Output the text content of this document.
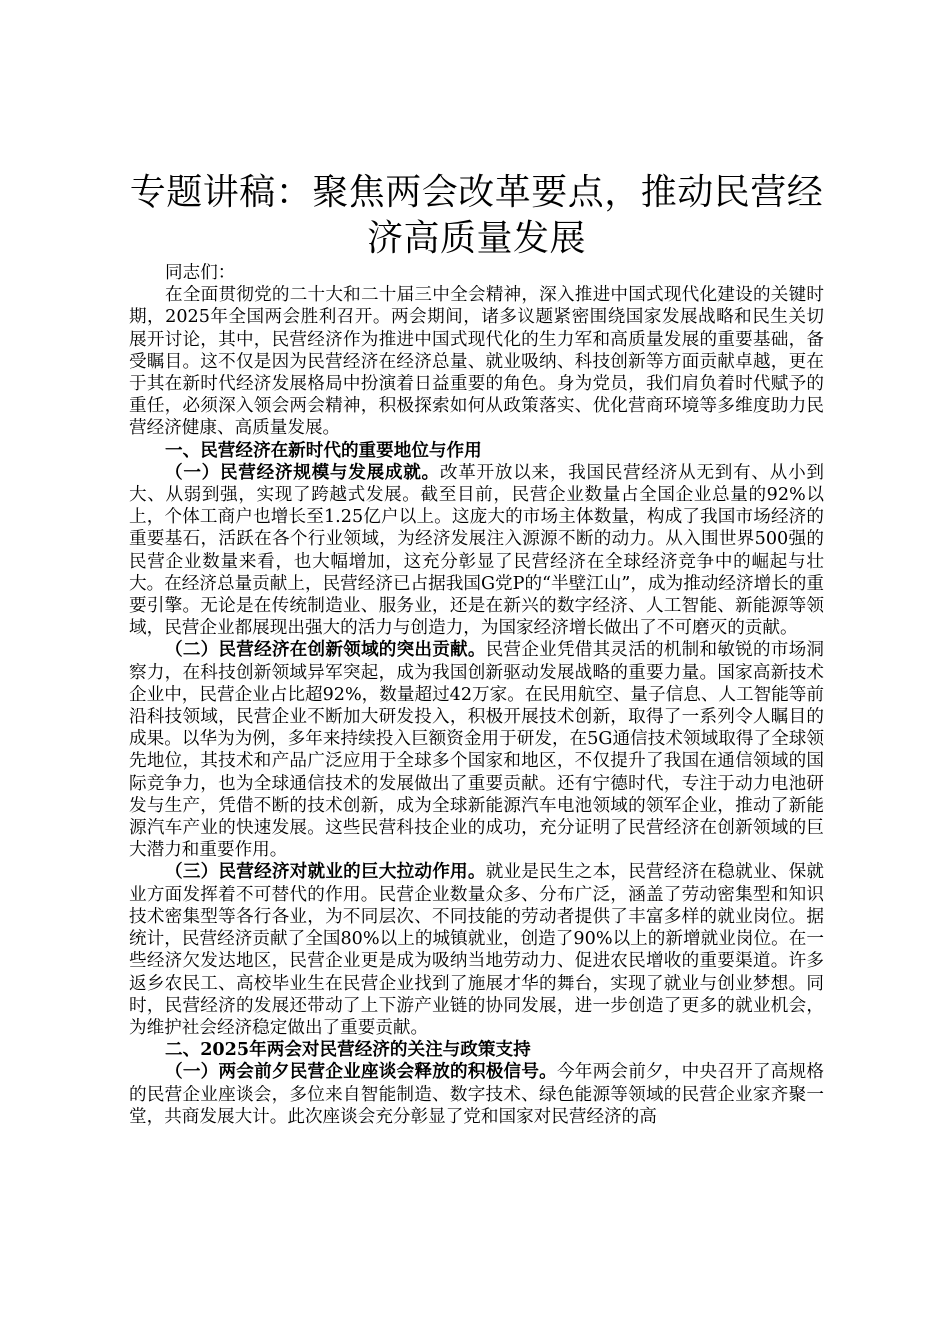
专题讲稿：聚焦两会改革要点，推动民营经济高质量发展

同志们：

在全面贯彻党的二十大和二十届三中全会精神，深入推进中国式现代化建设的关键时期，2025年全国两会胜利召开。两会期间，诸多议题紧密围绕国家发展战略和民生关切展开讨论，其中，民营经济作为推进中国式现代化的生力军和高质量发展的重要基础，备受瞩目。这不仅是因为民营经济在经济总量、就业吸纳、科技创新等方面贡献卓越，更在于其在新时代经济发展格局中扮演着日益重要的角色。身为党员，我们肩负着时代赋予的重任，必须深入领会两会精神，积极探索如何从政策落实、优化营商环境等多维度助力民营经济健康、高质量发展。

一、民营经济在新时代的重要地位与作用

（一）民营经济规模与发展成就。改革开放以来，我国民营经济从无到有、从小到大、从弱到强，实现了跨越式发展。截至目前，民营企业数量占全国企业总量的92%以上，个体工商户也增长至1.25亿户以上。这庞大的市场主体数量，构成了我国市场经济的重要基石，活跃在各个行业领域，为经济发展注入源源不断的动力。从入围世界500强的民营企业数量来看，也大幅增加，这充分彰显了民营经济在全球经济竞争中的崛起与壮大。在经济总量贡献上，民营经济已占据我国G党P的“半壁江山”，成为推动经济增长的重要引擎。无论是在传统制造业、服务业，还是在新兴的数字经济、人工智能、新能源等领域，民营企业都展现出强大的活力与创造力，为国家经济增长做出了不可磨灭的贡献。

（二）民营经济在创新领域的突出贡献。民营企业凭借其灵活的机制和敏锐的市场洞察力，在科技创新领域异军突起，成为我国创新驱动发展战略的重要力量。国家高新技术企业中，民营企业占比超92%，数量超过42万家。在民用航空、量子信息、人工智能等前沿科技领域，民营企业不断加大研发投入，积极开展技术创新，取得了一系列令人瞩目的成果。以华为为例，多年来持续投入巨额资金用于研发，在5G通信技术领域取得了全球领先地位，其技术和产品广泛应用于全球多个国家和地区，不仅提升了我国在通信领域的国际竞争力，也为全球通信技术的发展做出了重要贡献。还有宁德时代，专注于动力电池研发与生产，凭借不断的技术创新，成为全球新能源汽车电池领域的领军企业，推动了新能源汽车产业的快速发展。这些民营科技企业的成功，充分证明了民营经济在创新领域的巨大潜力和重要作用。

（三）民营经济对就业的巨大拉动作用。就业是民生之本，民营经济在稳就业、保就业方面发挥着不可替代的作用。民营企业数量众多、分布广泛，涵盖了劳动密集型和知识技术密集型等各行各业，为不同层次、不同技能的劳动者提供了丰富多样的就业岗位。据统计，民营经济贡献了全国80%以上的城镇就业，创造了90%以上的新增就业岗位。在一些经济欠发达地区，民营企业更是成为吸纳当地劳动力、促进农民增收的重要渠道。许多返乡农民工、高校毕业生在民营企业找到了施展才华的舞台，实现了就业与创业梦想。同时，民营经济的发展还带动了上下游产业链的协同发展，进一步创造了更多的就业机会，为维护社会经济稳定做出了重要贡献。

二、2025年两会对民营经济的关注与政策支持

（一）两会前夕民营企业座谈会释放的积极信号。今年两会前夕，中央召开了高规格的民营企业座谈会，多位来自智能制造、数字技术、绿色能源等领域的民营企业家齐聚一堂，共商发展大计。此次座谈会充分彰显了党和国家对民营经济的高
